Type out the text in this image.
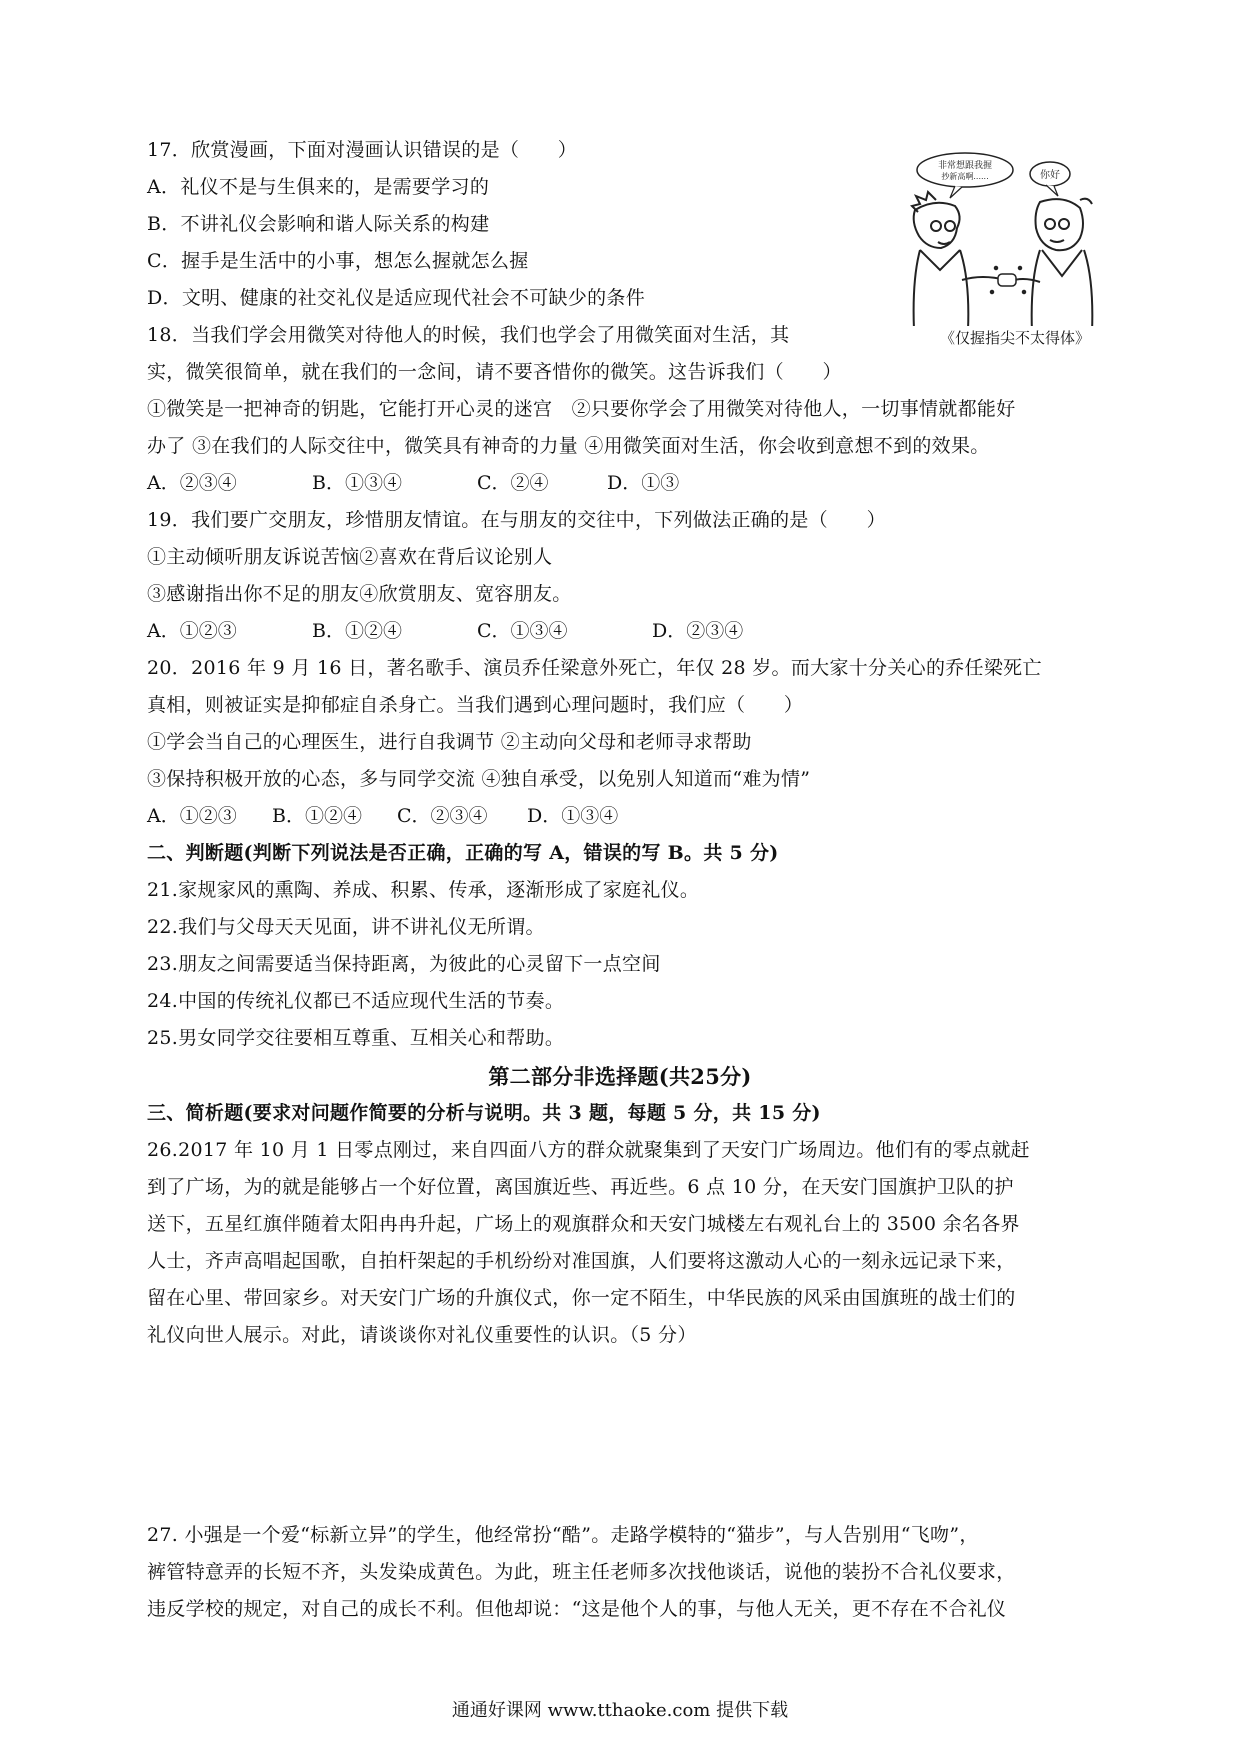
17．欣赏漫画，下面对漫画认识错误的是（　　）
A．礼仪不是与生俱来的，是需要学习的
B．不讲礼仪会影响和谐人际关系的构建
C．握手是生活中的小事，想怎么握就怎么握
D．文明、健康的社交礼仪是适应现代社会不可缺少的条件
非常想跟我握
抄新高啊......	你好
《仅握指尖不太得体》
18．当我们学会用微笑对待他人的时候，我们也学会了用微笑面对生活，其
实，微笑很简单，就在我们的一念间，请不要吝惜你的微笑。这告诉我们（　　）
①微笑是一把神奇的钥匙，它能打开心灵的迷宫　②只要你学会了用微笑对待他人，一切事情就都能好
办了 ③在我们的人际交往中，微笑具有神奇的力量 ④用微笑面对生活，你会收到意想不到的效果。
A．②③④	B．①③④	C．②④	D．①③
19．我们要广交朋友，珍惜朋友情谊。在与朋友的交往中，下列做法正确的是（　　）
①主动倾听朋友诉说苦恼②喜欢在背后议论别人
③感谢指出你不足的朋友④欣赏朋友、宽容朋友。
A．①②③	B．①②④	C．①③④	D．②③④
20．2016 年 9 月 16 日，著名歌手、演员乔任梁意外死亡，年仅 28 岁。而大家十分关心的乔任梁死亡
真相，则被证实是抑郁症自杀身亡。当我们遇到心理问题时，我们应（　　）
①学会当自己的心理医生，进行自我调节 ②主动向父母和老师寻求帮助
③保持积极开放的心态，多与同学交流 ④独自承受，以免别人知道而“难为情”
A．①②③ B．①②④ C．②③④ D．①③④
二、判断题(判断下列说法是否正确，正确的写 A，错误的写 B。共 5 分)
21.家规家风的熏陶、养成、积累、传承，逐渐形成了家庭礼仪。
22.我们与父母天天见面，讲不讲礼仪无所谓。
23.朋友之间需要适当保持距离，为彼此的心灵留下一点空间
24.中国的传统礼仪都已不适应现代生活的节奏。
25.男女同学交往要相互尊重、互相关心和帮助。
第二部分非选择题(共25分)
三、简析题(要求对问题作简要的分析与说明。共 3 题，每题 5 分，共 15 分)
26.2017 年 10 月 1 日零点刚过，来自四面八方的群众就聚集到了天安门广场周边。他们有的零点就赶
到了广场，为的就是能够占一个好位置，离国旗近些、再近些。6 点 10 分，在天安门国旗护卫队的护
送下，五星红旗伴随着太阳冉冉升起，广场上的观旗群众和天安门城楼左右观礼台上的 3500 余名各界
人士，齐声高唱起国歌，自拍杆架起的手机纷纷对准国旗，人们要将这激动人心的一刻永远记录下来，
留在心里、带回家乡。对天安门广场的升旗仪式，你一定不陌生，中华民族的风采由国旗班的战士们的
礼仪向世人展示。对此，请谈谈你对礼仪重要性的认识。（5 分）
27. 小强是一个爱“标新立异”的学生，他经常扮“酷”。走路学模特的“猫步”，与人告别用“飞吻”，
裤管特意弄的长短不齐，头发染成黄色。为此，班主任老师多次找他谈话，说他的装扮不合礼仪要求，
违反学校的规定，对自己的成长不利。但他却说：“这是他个人的事，与他人无关，更不存在不合礼仪
通通好课网 www.tthaoke.com 提供下载
